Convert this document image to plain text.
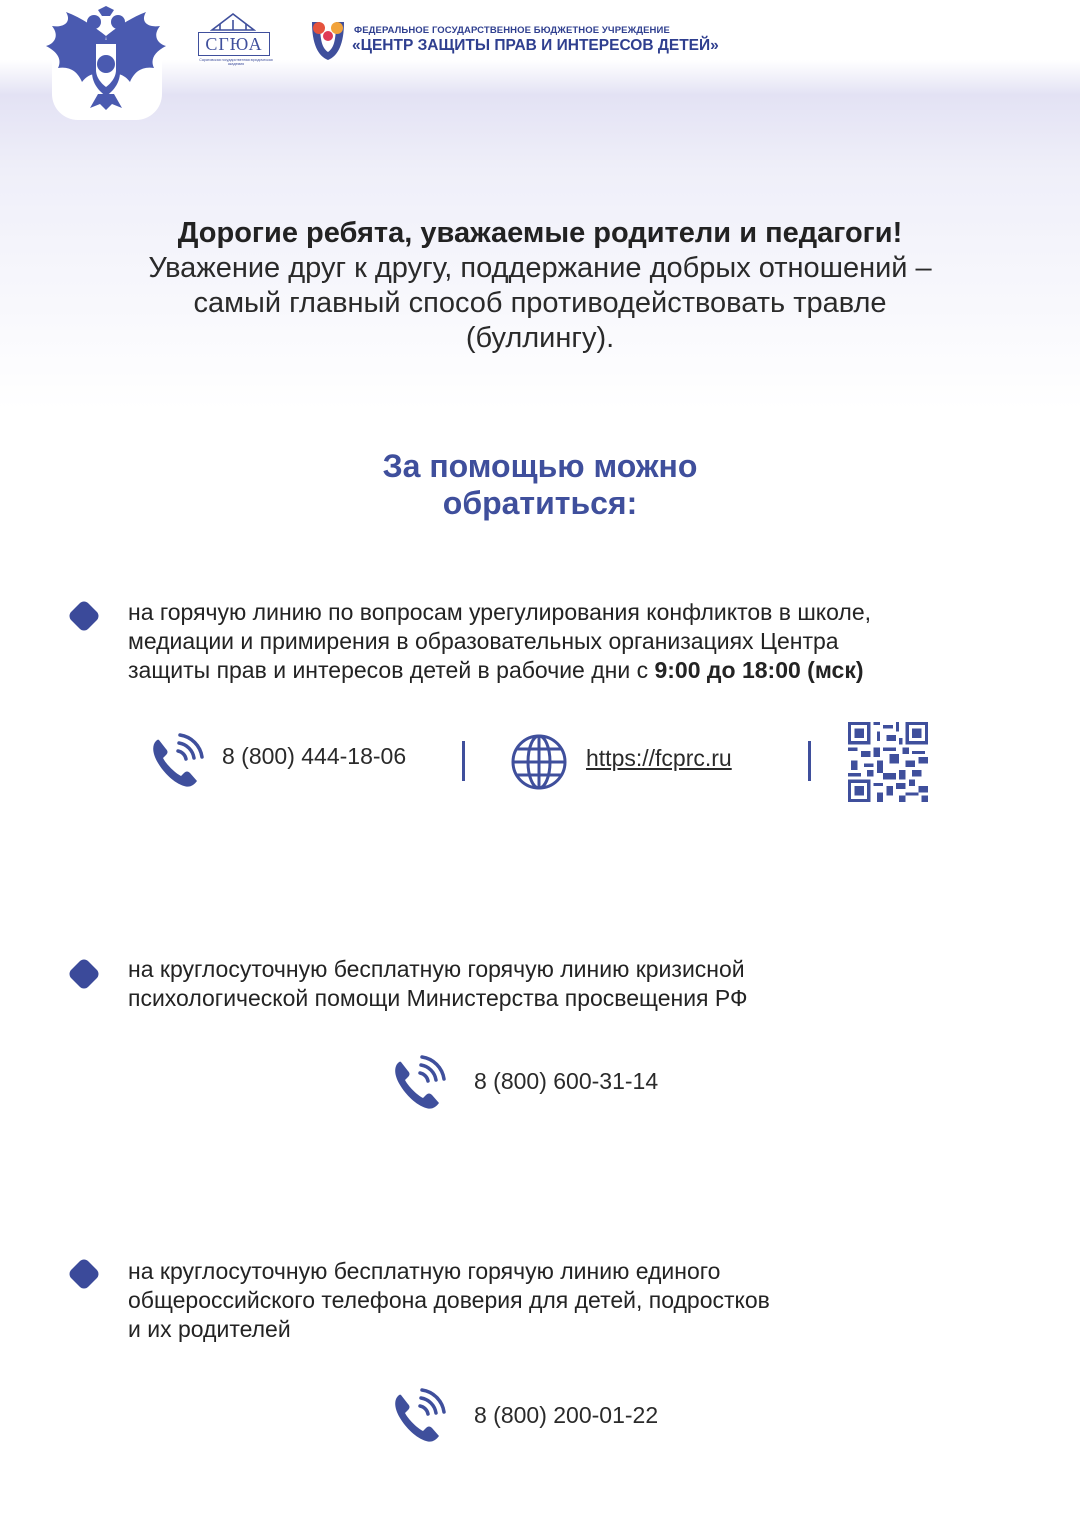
СГЮА
Саратовская государственная юридическая академия
ФЕДЕРАЛЬНОЕ ГОСУДАРСТВЕННОЕ БЮДЖЕТНОЕ УЧРЕЖДЕНИЕ
«ЦЕНТР ЗАЩИТЫ ПРАВ И ИНТЕРЕСОВ ДЕТЕЙ»
Дорогие ребята, уважаемые родители и педагоги!
Уважение друг к другу, поддержание добрых отношений –
самый главный способ противодействовать травле
(буллингу).
За помощью можно
обратиться:
на горячую линию по вопросам урегулирования конфликтов в школе,
медиации и примирения в образовательных организациях Центра
защиты прав и интересов детей в рабочие дни с 9:00 до 18:00 (мск)
8 (800) 444-18-06	https://fcprc.ru
на круглосуточную бесплатную горячую линию кризисной
психологической помощи Министерства просвещения РФ
8 (800) 600-31-14
на круглосуточную бесплатную горячую линию единого
общероссийского телефона доверия для детей, подростков
и их родителей
8 (800) 200-01-22
